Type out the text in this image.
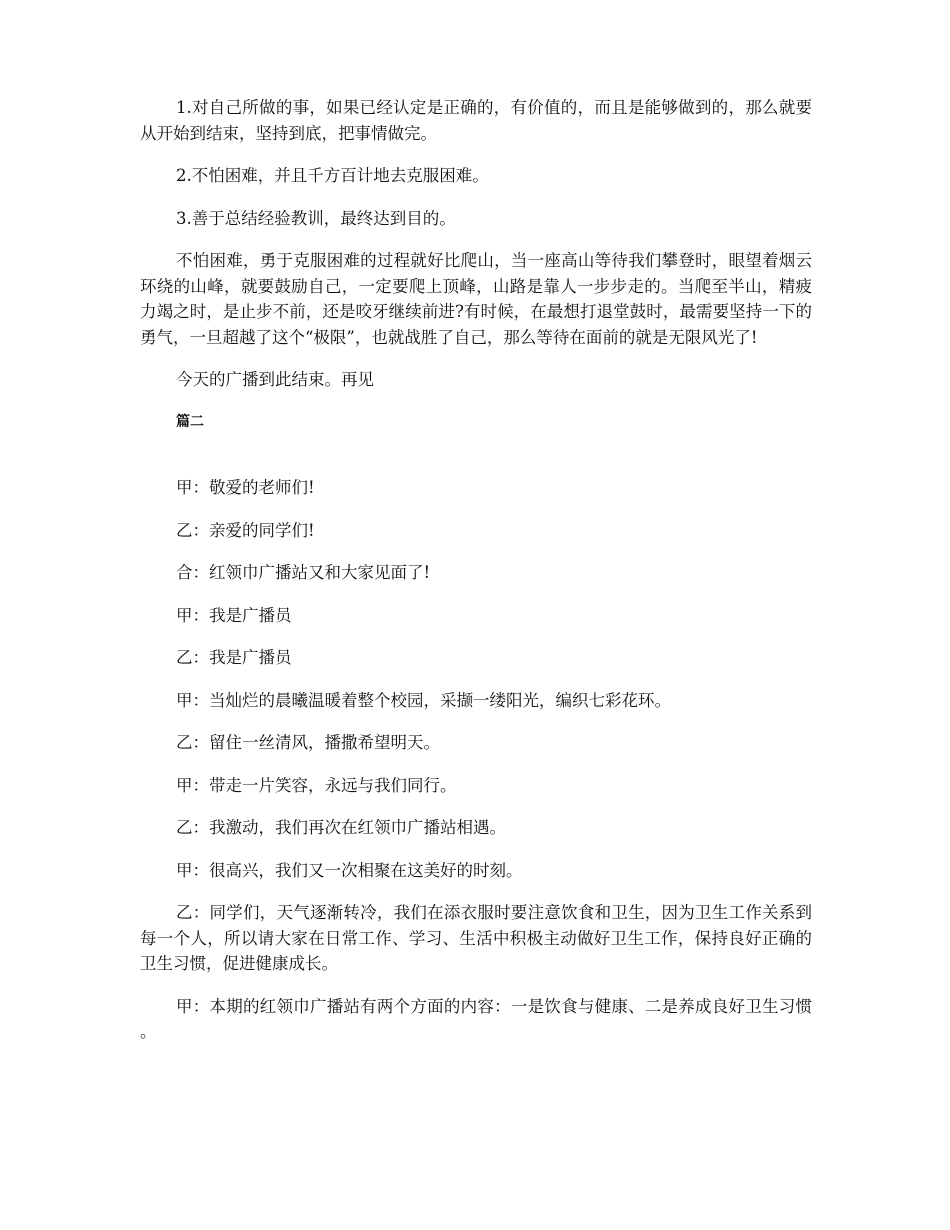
1.对自己所做的事，如果已经认定是正确的，有价值的，而且是能够做到的，那么就要从开始到结束，坚持到底，把事情做完。

2.不怕困难，并且千方百计地去克服困难。

3.善于总结经验教训，最终达到目的。

不怕困难，勇于克服困难的过程就好比爬山，当一座高山等待我们攀登时，眼望着烟云环绕的山峰，就要鼓励自己，一定要爬上顶峰，山路是靠人一步步走的。当爬至半山，精疲力竭之时，是止步不前，还是咬牙继续前进?有时候，在最想打退堂鼓时，最需要坚持一下的勇气，一旦超越了这个“极限”，也就战胜了自己，那么等待在面前的就是无限风光了!

今天的广播到此结束。再见

篇二

甲：敬爱的老师们!

乙：亲爱的同学们!

合：红领巾广播站又和大家见面了!

甲：我是广播员

乙：我是广播员

甲：当灿烂的晨曦温暖着整个校园，采撷一缕阳光，编织七彩花环。

乙：留住一丝清风，播撒希望明天。

甲：带走一片笑容，永远与我们同行。

乙：我激动，我们再次在红领巾广播站相遇。

甲：很高兴，我们又一次相聚在这美好的时刻。

乙：同学们，天气逐渐转冷，我们在添衣服时要注意饮食和卫生，因为卫生工作关系到每一个人，所以请大家在日常工作、学习、生活中积极主动做好卫生工作，保持良好正确的卫生习惯，促进健康成长。

甲：本期的红领巾广播站有两个方面的内容：一是饮食与健康、二是养成良好卫生习惯 。
